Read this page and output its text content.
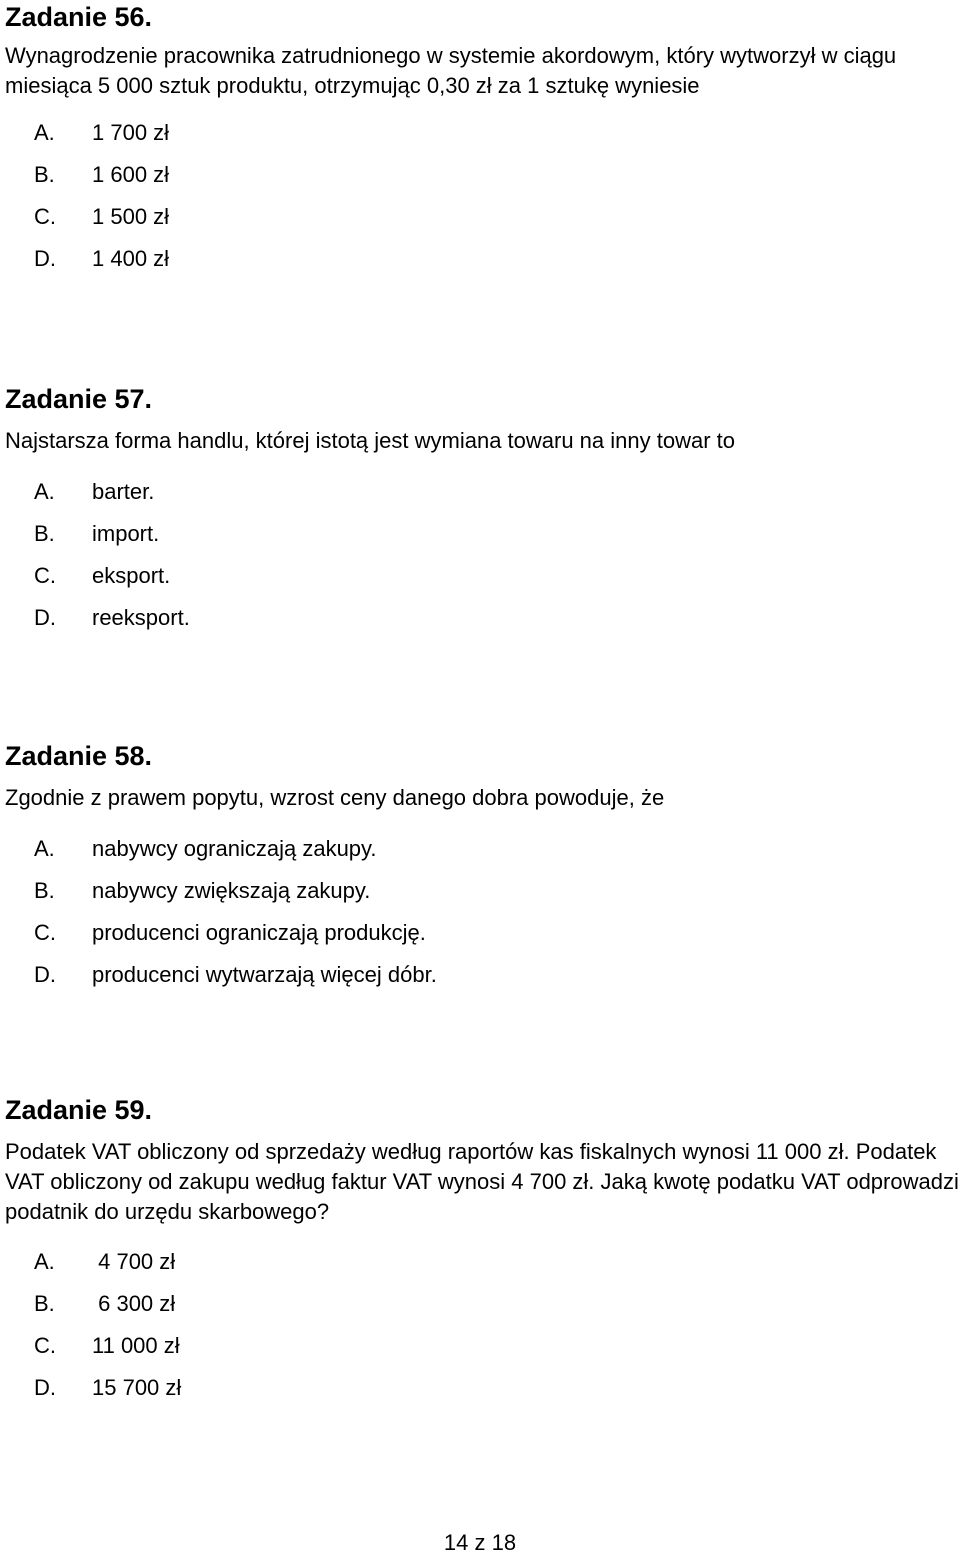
Zadanie 56.

Wynagrodzenie pracownika zatrudnionego w systemie akordowym, który wytworzył w ciągu miesiąca 5 000 sztuk produktu, otrzymując 0,30 zł za 1 sztukę wyniesie

A. 1 700 zł
B. 1 600 zł
C. 1 500 zł
D. 1 400 zł
Zadanie 57.

Najstarsza forma handlu, której istotą jest wymiana towaru na inny towar to

A. barter.
B. import.
C. eksport.
D. reeksport.
Zadanie 58.

Zgodnie z prawem popytu, wzrost ceny danego dobra powoduje, że

A. nabywcy ograniczają zakupy.
B. nabywcy zwiększają zakupy.
C. producenci ograniczają produkcję.
D. producenci wytwarzają więcej dóbr.
Zadanie 59.

Podatek VAT obliczony od sprzedaży według raportów kas fiskalnych wynosi 11 000 zł. Podatek VAT obliczony od zakupu według faktur VAT wynosi 4 700 zł. Jaką kwotę podatku VAT odprowadzi podatnik do urzędu skarbowego?

A. 4 700 zł
B. 6 300 zł
C. 11 000 zł
D. 15 700 zł
14 z 18
